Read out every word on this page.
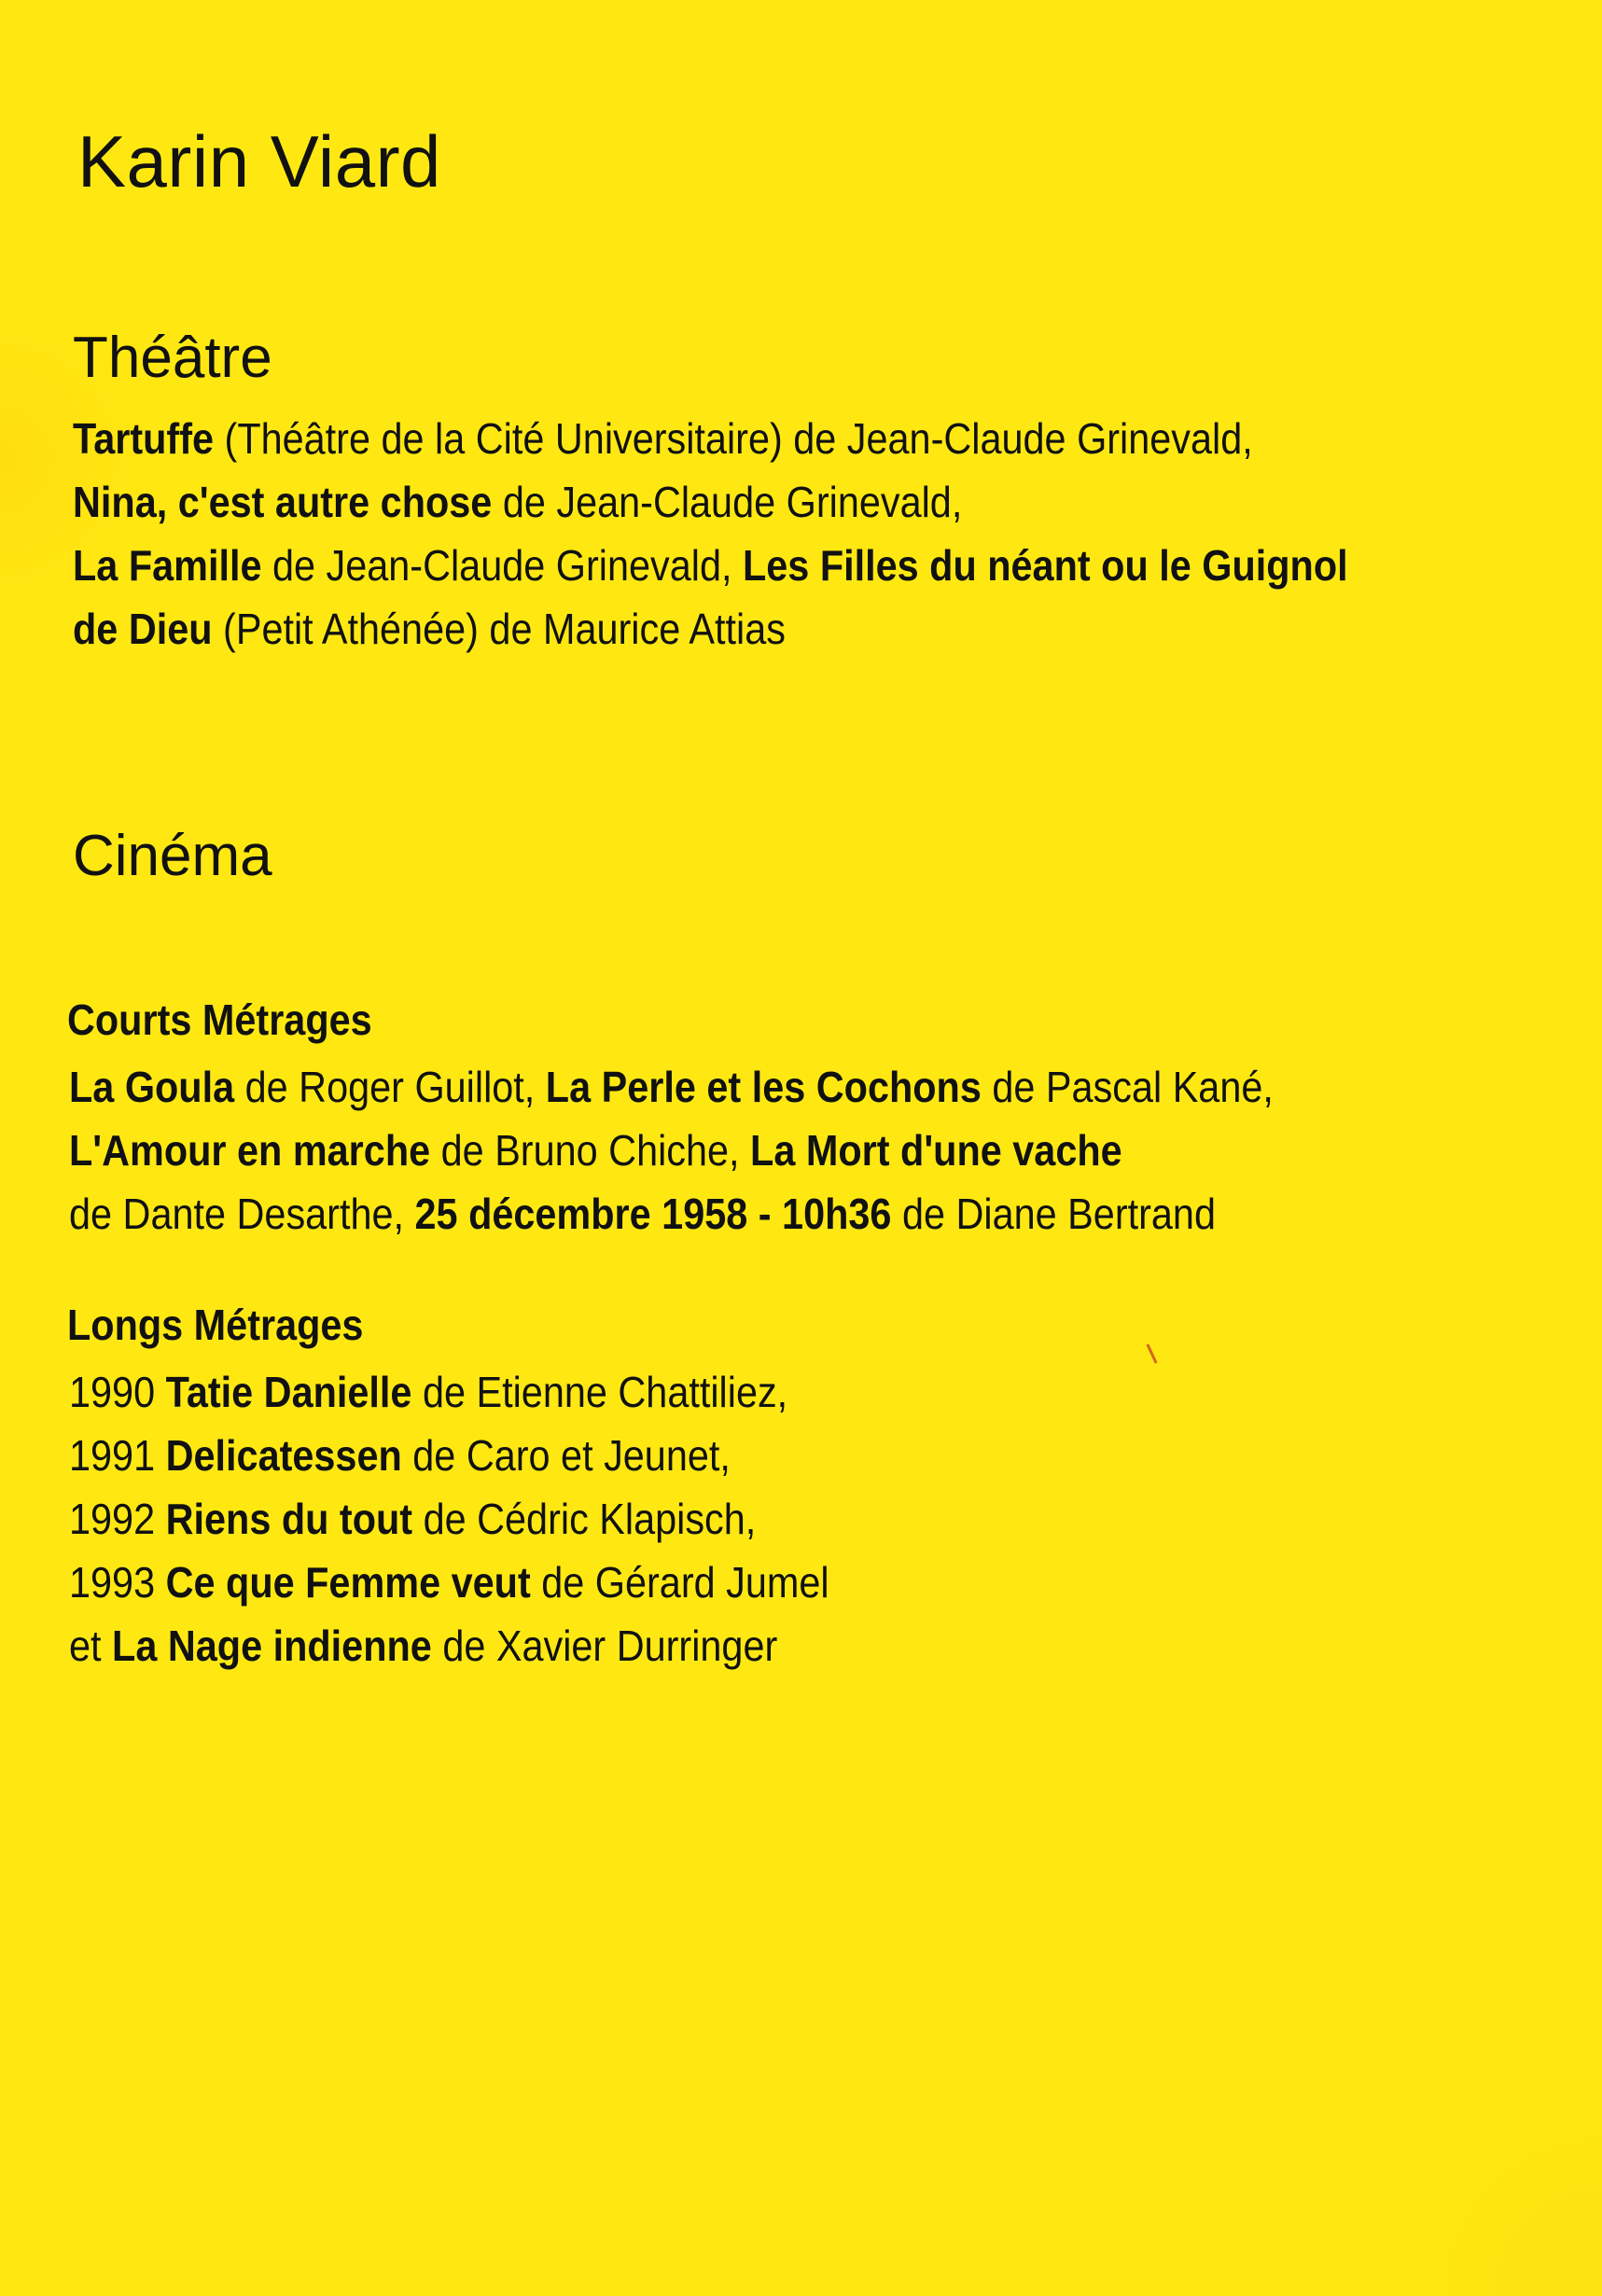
Karin Viard
Théâtre
Tartuffe (Théâtre de la Cité Universitaire) de Jean-Claude Grinevald,
Nina, c'est autre chose de Jean-Claude Grinevald,
La Famille de Jean-Claude Grinevald, Les Filles du néant ou le Guignol
de Dieu (Petit Athénée) de Maurice Attias
Cinéma
Courts Métrages
La Goula de Roger Guillot, La Perle et les Cochons de Pascal Kané,
L'Amour en marche de Bruno Chiche, La Mort d'une vache
de Dante Desarthe, 25 décembre 1958 - 10h36 de Diane Bertrand
Longs Métrages
1990 Tatie Danielle de Etienne Chattiliez,
1991 Delicatessen de Caro et Jeunet,
1992 Riens du tout de Cédric Klapisch,
1993 Ce que Femme veut de Gérard Jumel
et La Nage indienne de Xavier Durringer
